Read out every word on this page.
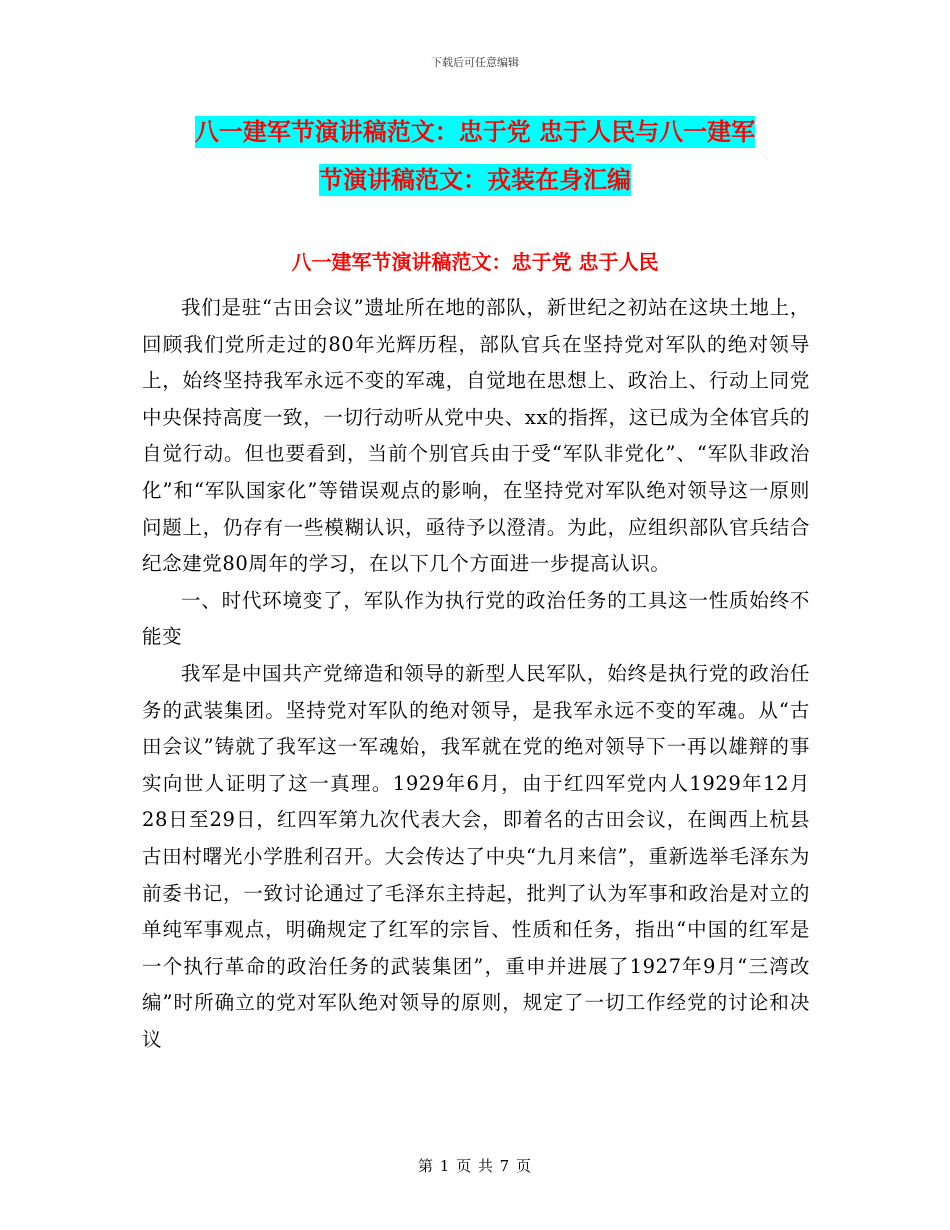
下载后可任意编辑
八一建军节演讲稿范文：忠于党 忠于人民与八一建军
节演讲稿范文：戎装在身汇编
八一建军节演讲稿范文：忠于党 忠于人民

我们是驻“古田会议”遗址所在地的部队，新世纪之初站在这块土地上，回顾我们党所走过的80年光辉历程，部队官兵在坚持党对军队的绝对领导上，始终坚持我军永远不变的军魂，自觉地在思想上、政治上、行动上同党中央保持高度一致，一切行动听从党中央、xx的指挥，这已成为全体官兵的自觉行动。但也要看到，当前个别官兵由于受“军队非党化”、“军队非政治化”和“军队国家化”等错误观点的影响，在坚持党对军队绝对领导这一原则问题上，仍存有一些模糊认识，亟待予以澄清。为此，应组织部队官兵结合纪念建党80周年的学习，在以下几个方面进一步提高认识。

一、时代环境变了，军队作为执行党的政治任务的工具这一性质始终不能变

我军是中国共产党缔造和领导的新型人民军队，始终是执行党的政治任务的武装集团。坚持党对军队的绝对领导，是我军永远不变的军魂。从“古田会议”铸就了我军这一军魂始，我军就在党的绝对领导下一再以雄辩的事实向世人证明了这一真理。1929年6月，由于红四军党内人1929年12月28日至29日，红四军第九次代表大会，即着名的古田会议，在闽西上杭县古田村曙光小学胜利召开。大会传达了中央“九月来信”，重新选举毛泽东为前委书记，一致讨论通过了毛泽东主持起，批判了认为军事和政治是对立的单纯军事观点，明确规定了红军的宗旨、性质和任务，指出“中国的红军是一个执行革命的政治任务的武装集团”，重申并进展了1927年9月“三湾改编”时所确立的党对军队绝对领导的原则，规定了一切工作经党的讨论和决议

第 1 页 共 7 页
